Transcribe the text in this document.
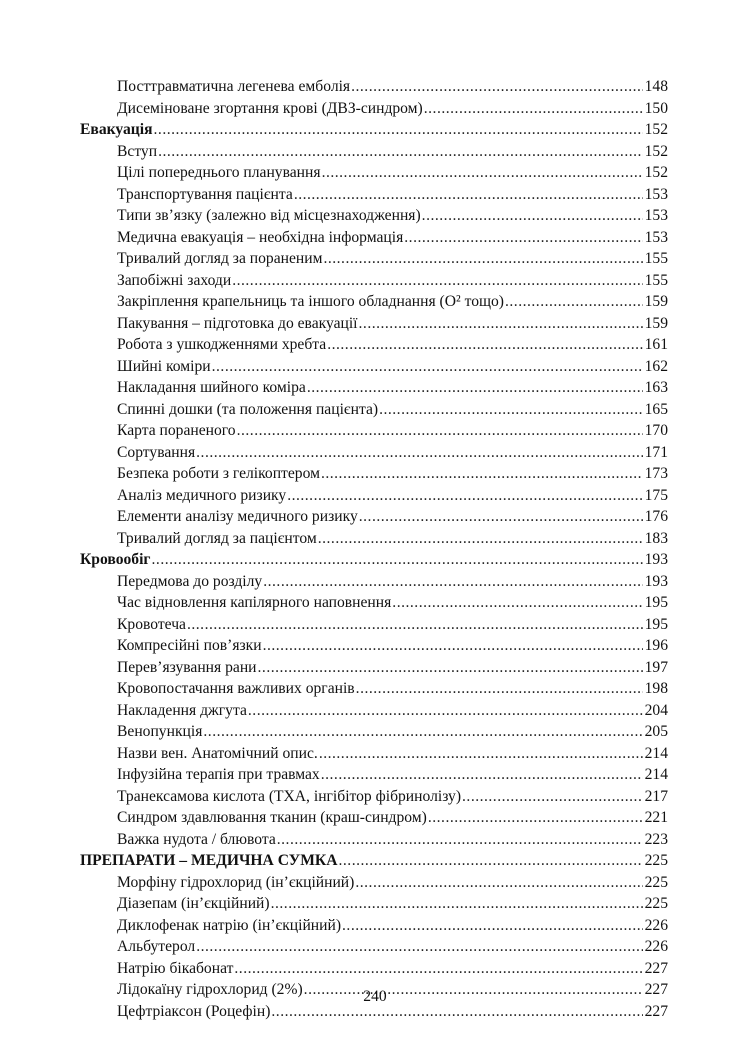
Посттравматична легенева емболія .....	148
Дисеміноване згортання крові (ДВЗ-синдром) .....	150
Евакуація .....	152
Вступ .....	152
Цілі попереднього планування .....	152
Транспортування пацієнта .....	153
Типи зв’язку (залежно від місцезнаходження) .....	153
Медична евакуація – необхідна інформація .....	153
Тривалий догляд за пораненим .....	155
Запобіжні заходи .....	155
Закріплення крапельниць та іншого обладнання (О² тощо) .....	159
Пакування – підготовка до евакуації .....	159
Робота з ушкодженнями хребта .....	161
Шийні коміри .....	162
Накладання шийного коміра .....	163
Спинні дошки (та положення пацієнта) .....	165
Карта пораненого .....	170
Сортування .....	171
Безпека роботи з гелікоптером .....	173
Аналіз медичного ризику .....	175
Елементи аналізу медичного ризику .....	176
Тривалий догляд за пацієнтом .....	183
Кровообіг .....	193
Передмова до розділу .....	193
Час відновлення капілярного наповнення .....	195
Кровотеча .....	195
Компресійні пов’язки .....	196
Перев’язування рани .....	197
Кровопостачання важливих органів .....	198
Накладення джгута .....	204
Венопункція .....	205
Назви вен. Анатомічний опис. .....	214
Інфузійна терапія при травмах .....	214
Транексамова кислота (ТХА, інгібітор фібринолізу) .....	217
Синдром здавлювання тканин (краш-синдром) .....	221
Важка нудота / блювота .....	223
ПРЕПАРАТИ – МЕДИЧНА СУМКА .....	225
Морфіну гідрохлорид (ін’єкційний) .....	225
Діазепам (ін’єкційний) .....	225
Диклофенак натрію (ін’єкційний) .....	226
Альбутерол .....	226
Натрію бікабонат .....	227
Лідокаїну гідрохлорид (2%) .....	227
Цефтріаксон (Роцефін) .....	227
240
